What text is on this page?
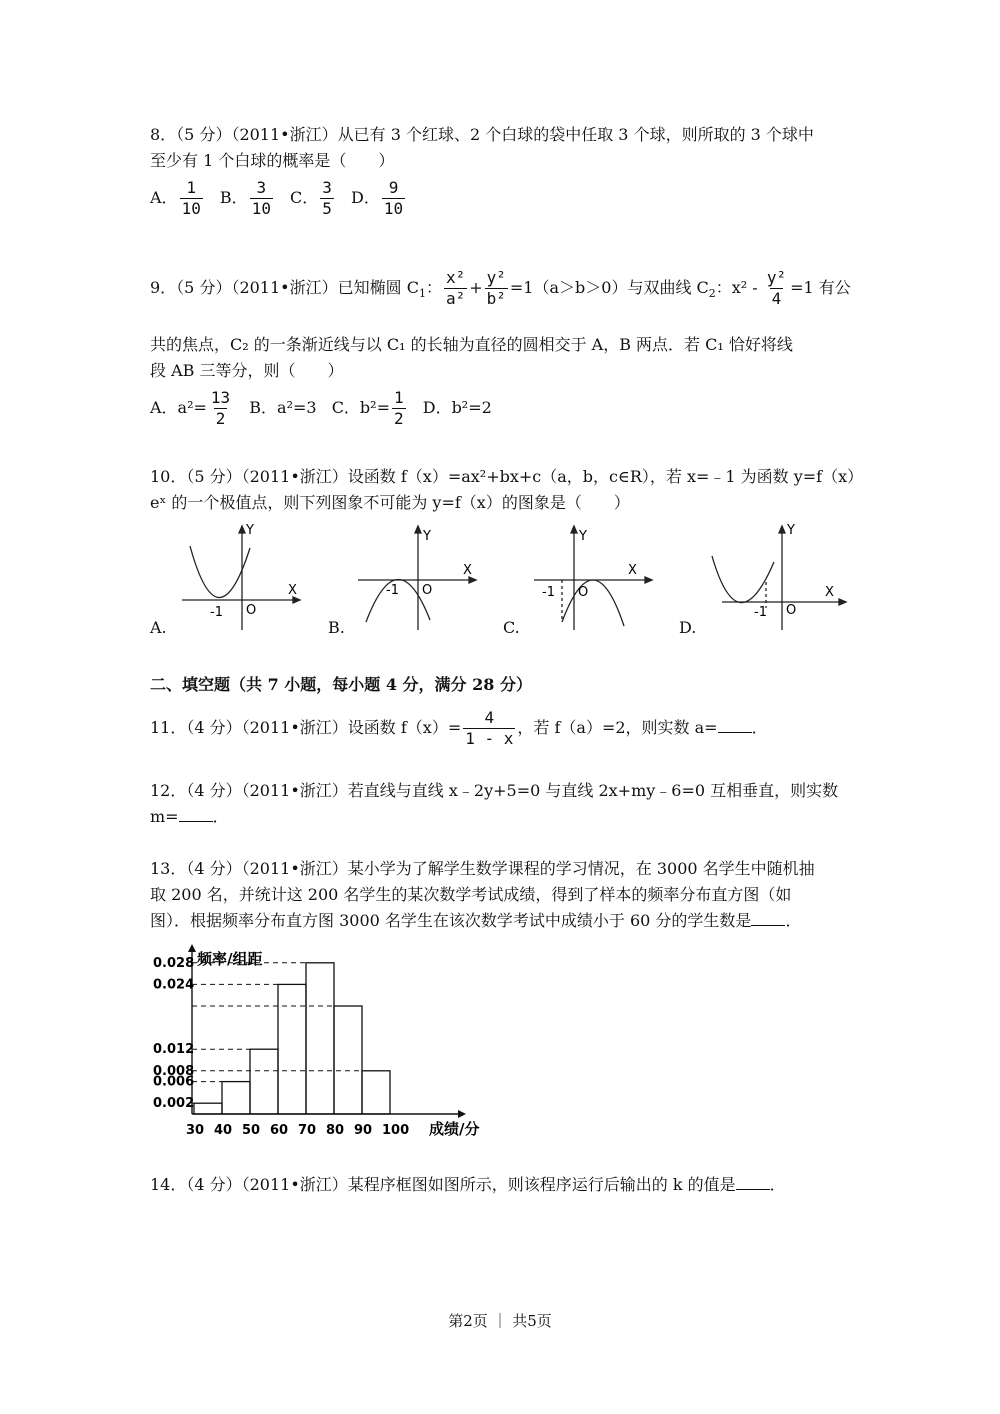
8．（5 分）（2011•浙江）从已有 3 个红球、2 个白球的袋中任取 3 个球，则所取的 3 个球中
至少有 1 个白球的概率是（　　）
A． $\frac{1}{10}$ B． $\frac{3}{10}$ C． $\frac{3}{5}$ D． $\frac{9}{10}$
9．（5 分）（2011•浙江）已知椭圆 $C_1$： $\frac{\text{x²}}{\text{a²}} + \frac{\text{y²}}{\text{b²}} =1(a>b>0)$与双曲线 $C_2$：$x^2 - \frac{\text{y²}}{4} =1$ 有公
共的焦点，C₂ 的一条渐近线与以 C₁ 的长轴为直径的圆相交于 A，B 两点．若 C₁ 恰好将线
段 AB 三等分，则（　　）
A．$a^2= \frac{13}{2}$ B．a²=3 C．$b^2= \frac{1}{2}$ D．b²=2
10．（5 分）（2011•浙江）设函数 f（x）=ax²+bx+c（a，b，c∈R），若 x=﹣1 为函数 y=f（x）
eˣ 的一个极值点，则下列图象不可能为 y=f（x）的图象是（　　）
Y
X
-1 O
Y
X
-1 O
Y
X
-1 O
Y
X
-1 O
A.	B.	C.	D.
二、填空题（共 7 小题，每小题 4 分，满分 28 分）
11．（4 分）（2011•浙江）设函数 $f(x)= \frac{4}{1 - x}$ ，若 f（a）=2，则实数 a= ．
12．（4 分）（2011•浙江）若直线与直线 x﹣2y+5=0 与直线 2x+my﹣6=0 互相垂直，则实数
m= ．
13．（4 分）（2011•浙江）某小学为了解学生数学课程的学习情况，在 3000 名学生中随机抽
取 200 名，并统计这 200 名学生的某次数学考试成绩，得到了样本的频率分布直方图（如
图）．根据频率分布直方图 3000 名学生在该次数学考试中成绩小于 60 分的学生数是 ．
0.028
0.024
0.012
0.008
0.006
0.002
30 40 50 60 70 80 90 100
频率/组距
成绩/分
14．（4 分）（2011•浙江）某程序框图如图所示，则该程序运行后输出的 k 的值是 ．
第2页 ｜ 共5页
